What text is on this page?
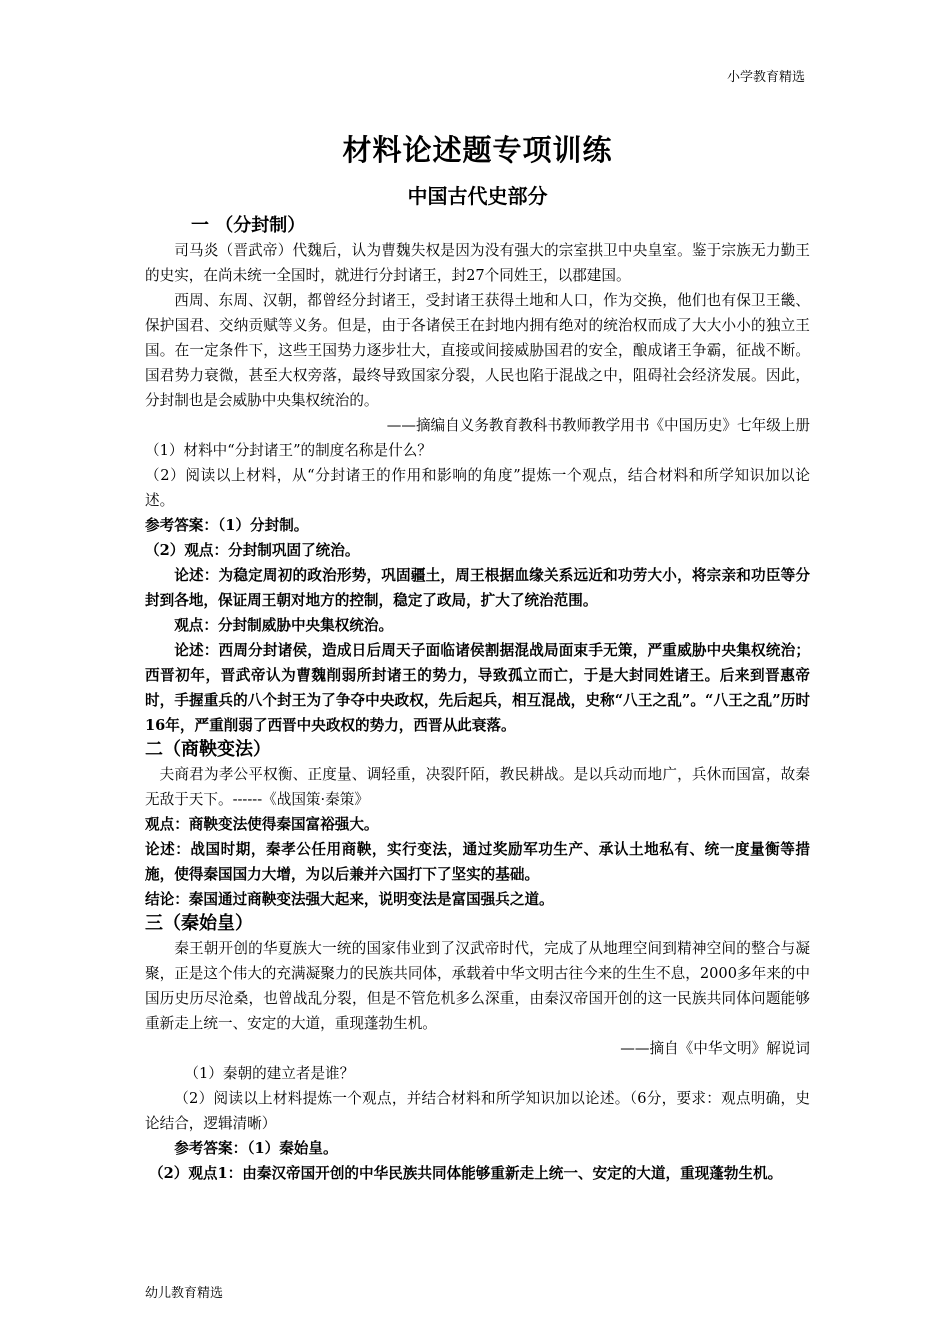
小学教育精选
材料论述题专项训练
中国古代史部分
一 （分封制）

司马炎（晋武帝）代魏后，认为曹魏失权是因为没有强大的宗室拱卫中央皇室。鉴于宗族无力勤王的史实，在尚未统一全国时，就进行分封诸王，封27个同姓王，以郡建国。

西周、东周、汉朝，都曾经分封诸王，受封诸王获得土地和人口，作为交换，他们也有保卫王畿、保护国君、交纳贡赋等义务。但是，由于各诸侯王在封地内拥有绝对的统治权而成了大大小小的独立王国。在一定条件下，这些王国势力逐步壮大，直接或间接威胁国君的安全，酿成诸王争霸，征战不断。国君势力衰微，甚至大权旁落，最终导致国家分裂，人民也陷于混战之中，阻碍社会经济发展。因此，分封制也是会威胁中央集权统治的。

——摘编自义务教育教科书教师教学用书《中国历史》七年级上册

（1）材料中“分封诸王”的制度名称是什么？

（2）阅读以上材料，从“分封诸王的作用和影响的角度”提炼一个观点，结合材料和所学知识加以论述。

参考答案：（1）分封制。

（2）观点：分封制巩固了统治。

论述：为稳定周初的政治形势，巩固疆土，周王根据血缘关系远近和功劳大小，将宗亲和功臣等分封到各地，保证周王朝对地方的控制，稳定了政局，扩大了统治范围。

观点：分封制威胁中央集权统治。

论述：西周分封诸侯，造成日后周天子面临诸侯割据混战局面束手无策，严重威胁中央集权统治；西晋初年，晋武帝认为曹魏削弱所封诸王的势力，导致孤立而亡，于是大封同姓诸王。后来到晋惠帝时，手握重兵的八个封王为了争夺中央政权，先后起兵，相互混战，史称“八王之乱”。“八王之乱”历时16年，严重削弱了西晋中央政权的势力，西晋从此衰落。

二（商鞅变法）

夫商君为孝公平权衡、正度量、调轻重，决裂阡陌，教民耕战。是以兵动而地广，兵休而国富，故秦无敌于天下。------《战国策·秦策》

观点：商鞅变法使得秦国富裕强大。

论述：战国时期，秦孝公任用商鞅，实行变法，通过奖励军功生产、承认土地私有、统一度量衡等措施，使得秦国国力大增，为以后兼并六国打下了坚实的基础。

结论：秦国通过商鞅变法强大起来，说明变法是富国强兵之道。

三（秦始皇）

秦王朝开创的华夏族大一统的国家伟业到了汉武帝时代，完成了从地理空间到精神空间的整合与凝聚，正是这个伟大的充满凝聚力的民族共同体，承载着中华文明古往今来的生生不息，2000多年来的中国历史历尽沧桑，也曾战乱分裂，但是不管危机多么深重，由秦汉帝国开创的这一民族共同体问题能够重新走上统一、安定的大道，重现蓬勃生机。

——摘自《中华文明》解说词

（1）秦朝的建立者是谁？

（2）阅读以上材料提炼一个观点，并结合材料和所学知识加以论述。（6分，要求：观点明确，史论结合，逻辑清晰）

参考答案：（1）秦始皇。

（2）观点1：由秦汉帝国开创的中华民族共同体能够重新走上统一、安定的大道，重现蓬勃生机。

幼儿教育精选
